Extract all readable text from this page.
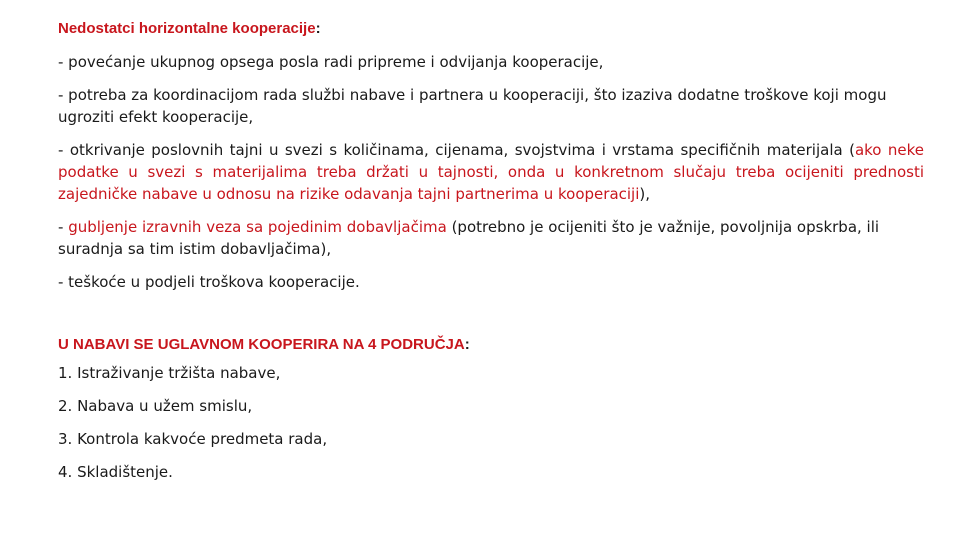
Nedostatci horizontalne kooperacije:
- povećanje ukupnog opsega posla radi pripreme i odvijanja kooperacije,
- potreba za koordinacijom rada službi nabave i partnera u kooperaciji, što izaziva dodatne troškove koji mogu ugroziti efekt kooperacije,
- otkrivanje poslovnih tajni u svezi s količinama, cijenama, svojstvima i vrstama specifičnih materijala (ako neke podatke u svezi s materijalima treba držati u tajnosti, onda u konkretnom slučaju treba ocijeniti prednosti zajedničke nabave u odnosu na rizike odavanja tajni partnerima u kooperaciji),
- gubljenje izravnih veza sa pojedinim dobavljačima (potrebno je ocijeniti što je važnije, povoljnija opskrba, ili suradnja sa tim istim dobavljačima),
- teškoće u podjeli troškova kooperacije.
U NABAVI SE UGLAVNOM KOOPERIRA NA 4 PODRUČJA:
1. Istraživanje tržišta nabave,
2. Nabava u užem smislu,
3. Kontrola kakvoće predmeta rada,
4. Skladištenje.
